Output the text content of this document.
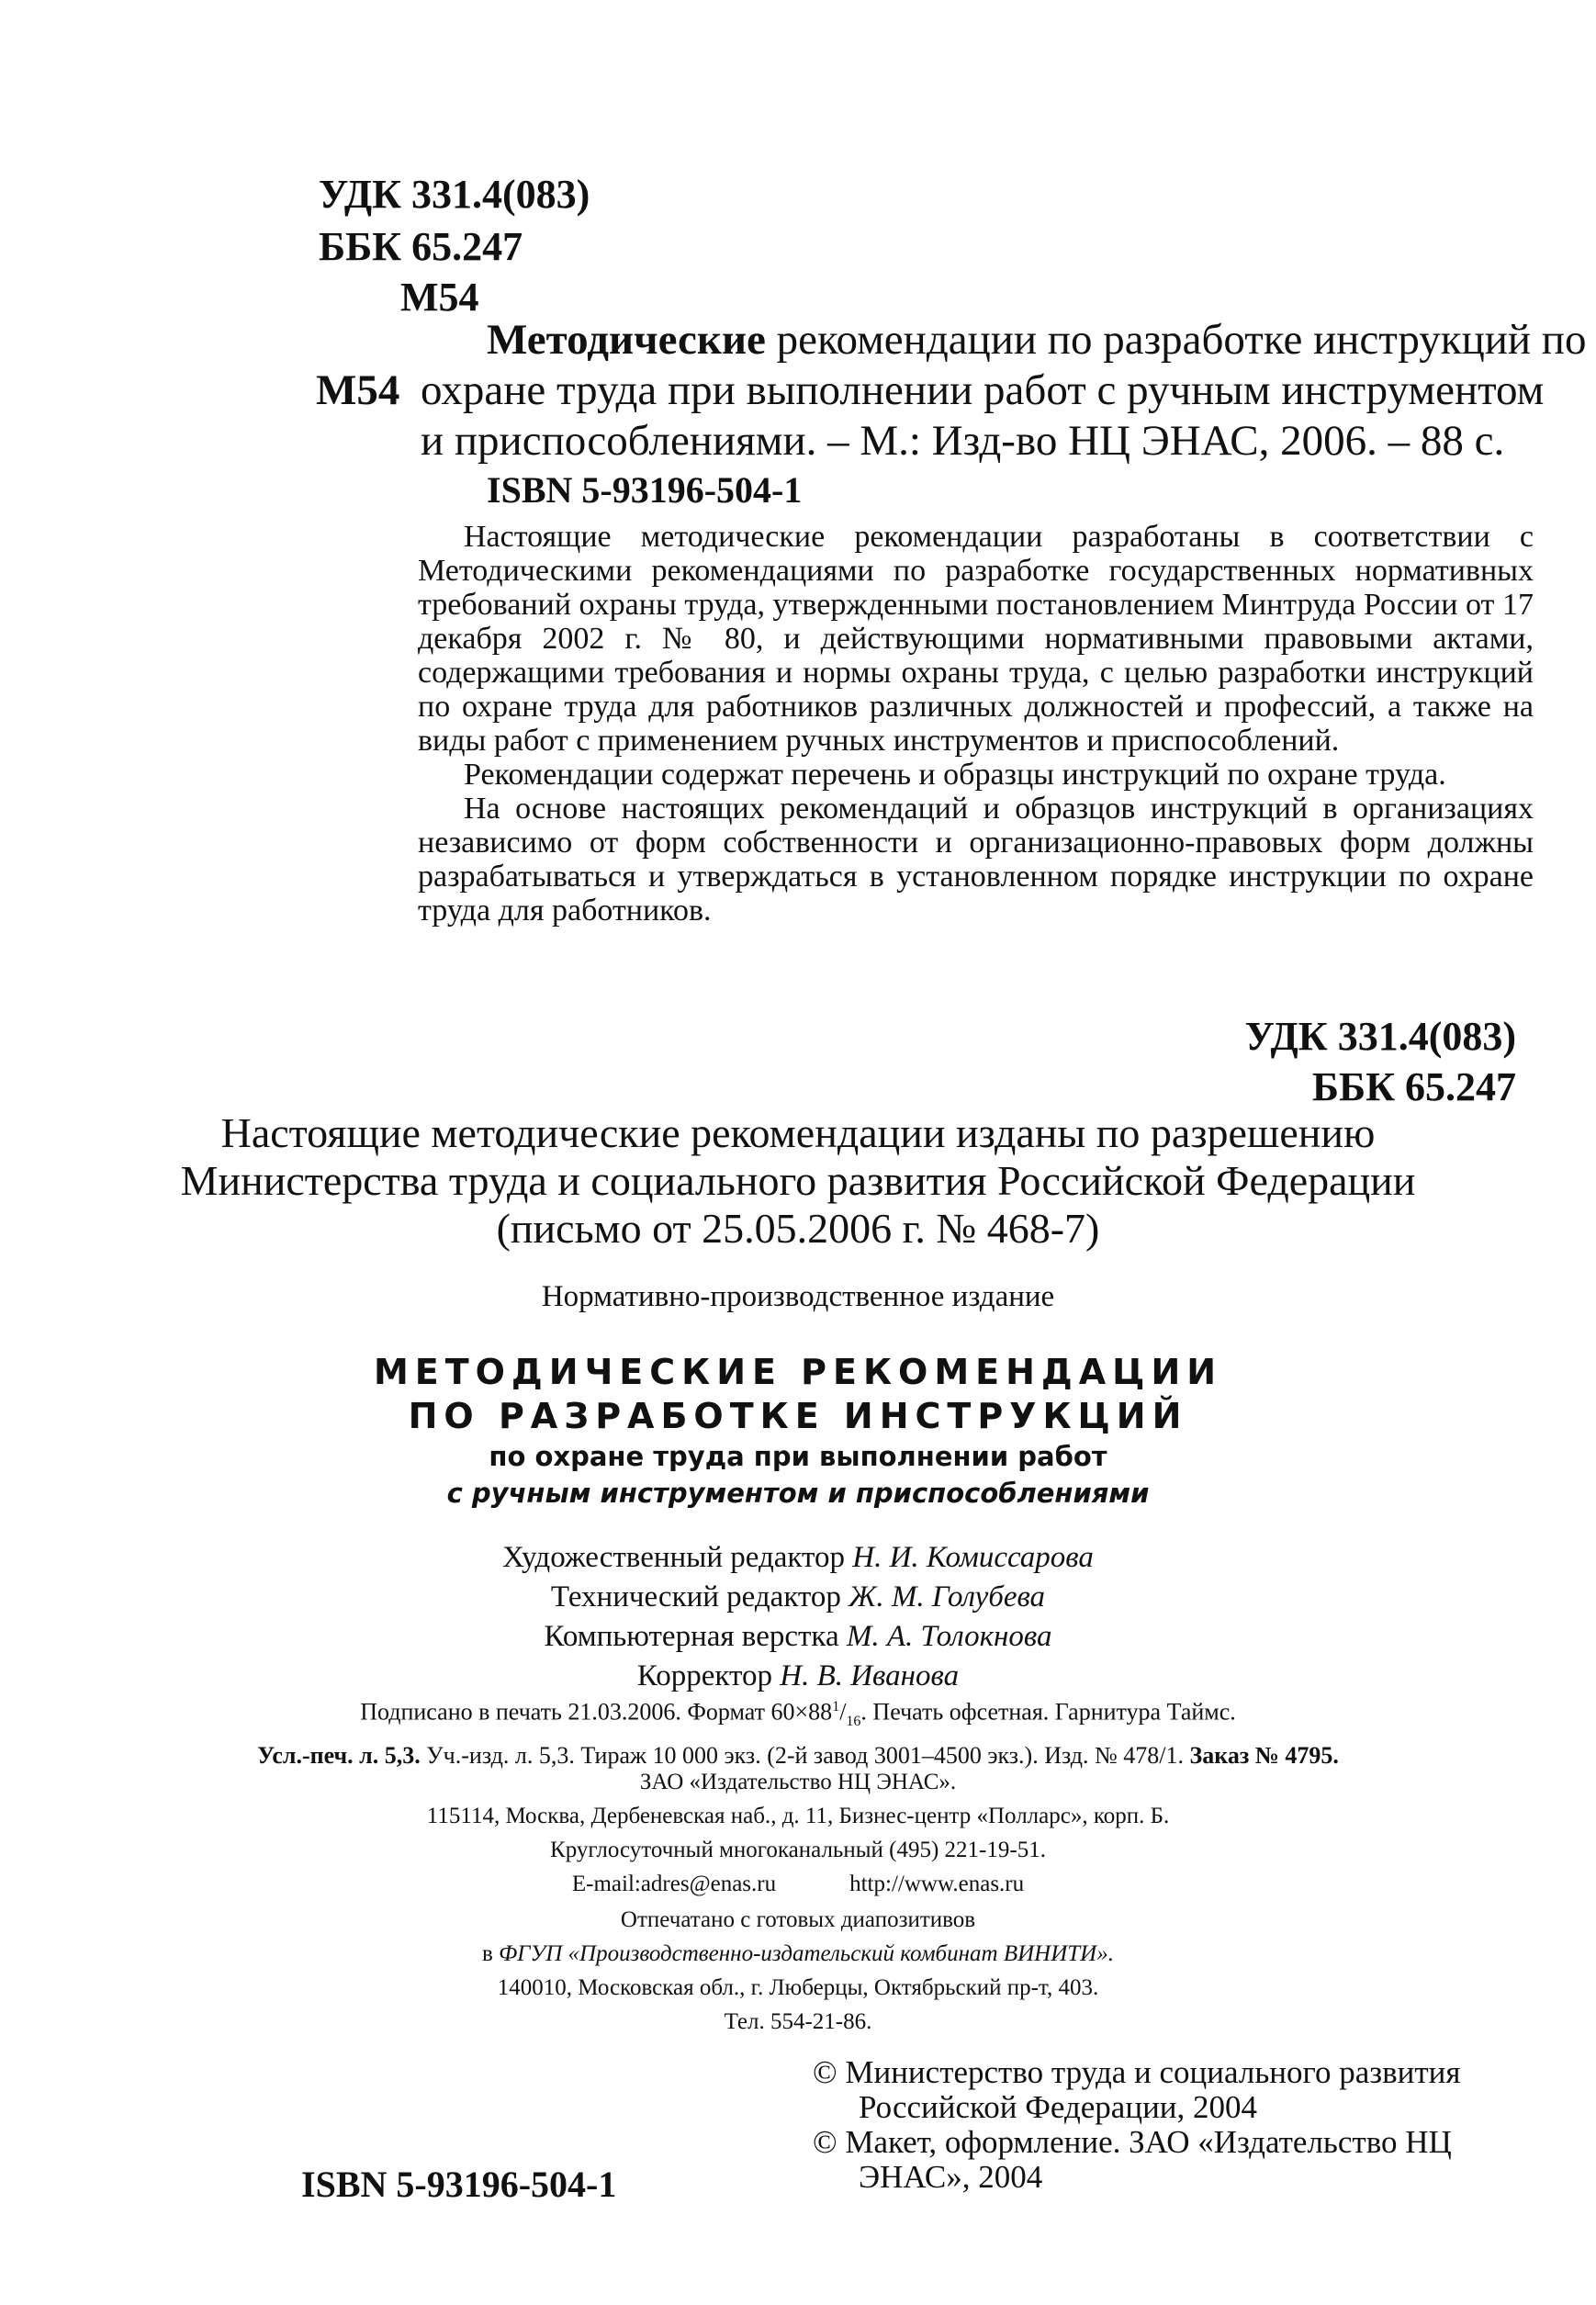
УДК 331.4(083)
ББК 65.247
М54
Методические рекомендации по разработке инструкций по
М54 охране труда при выполнении работ с ручным инструментом
и приспособлениями. – М.: Изд-во НЦ ЭНАС, 2006. – 88 с.
ISBN 5-93196-504-1

Настоящие методические рекомендации разработаны в соответствии с Методическими рекомендациями по разработке государственных нормативных требований охраны труда, утвержденными постановлением Минтруда России от 17 декабря 2002 г. № 80, и действующими нормативными правовыми актами, содержащими требования и нормы охраны труда, с целью разработки инструкций по охране труда для работников различных должностей и профессий, а также на виды работ с применением ручных инструментов и приспособлений.

Рекомендации содержат перечень и образцы инструкций по охране труда.

На основе настоящих рекомендаций и образцов инструкций в организациях независимо от форм собственности и организационно-правовых форм должны разрабатываться и утверждаться в установленном порядке инструкции по охране труда для работников.

УДК 331.4(083)
ББК 65.247
Настоящие методические рекомендации изданы по разрешению
Министерства труда и социального развития Российской Федерации
(письмо от 25.05.2006 г. № 468-7)
Нормативно-производственное издание
МЕТОДИЧЕСКИЕ РЕКОМЕНДАЦИИ
ПО РАЗРАБОТКЕ ИНСТРУКЦИЙ
по охране труда при выполнении работ
с ручным инструментом и приспособлениями
Художественный редактор Н. И. Комиссарова
Технический редактор Ж. М. Голубева
Компьютерная верстка М. А. Толокнова
Корректор Н. В. Иванова
Подписано в печать 21.03.2006. Формат $60\times 88^1/_{16}$. Печать офсетная. Гарнитура Таймс.
Усл.-печ. л. 5,3. Уч.-изд. л. 5,3. Тираж 10 000 экз. (2-й завод 3001–4500 экз.). Изд. № 478/1. Заказ № 4795.
ЗАО «Издательство НЦ ЭНАС».
115114, Москва, Дербеневская наб., д. 11, Бизнес-центр «Полларс», корп. Б.
Круглосуточный многоканальный (495) 221-19-51.
E-mail:adres@enas.ru	http://www.enas.ru
Отпечатано с готовых диапозитивов
в ФГУП «Производственно-издательский комбинат ВИНИТИ».
140010, Московская обл., г. Люберцы, Октябрьский пр-т, 403.
Тел. 554-21-86.
© Министерство труда и социального развития Российской Федерации, 2004
© Макет, оформление. ЗАО «Издательство НЦ ЭНАС», 2004
ISBN 5-93196-504-1
